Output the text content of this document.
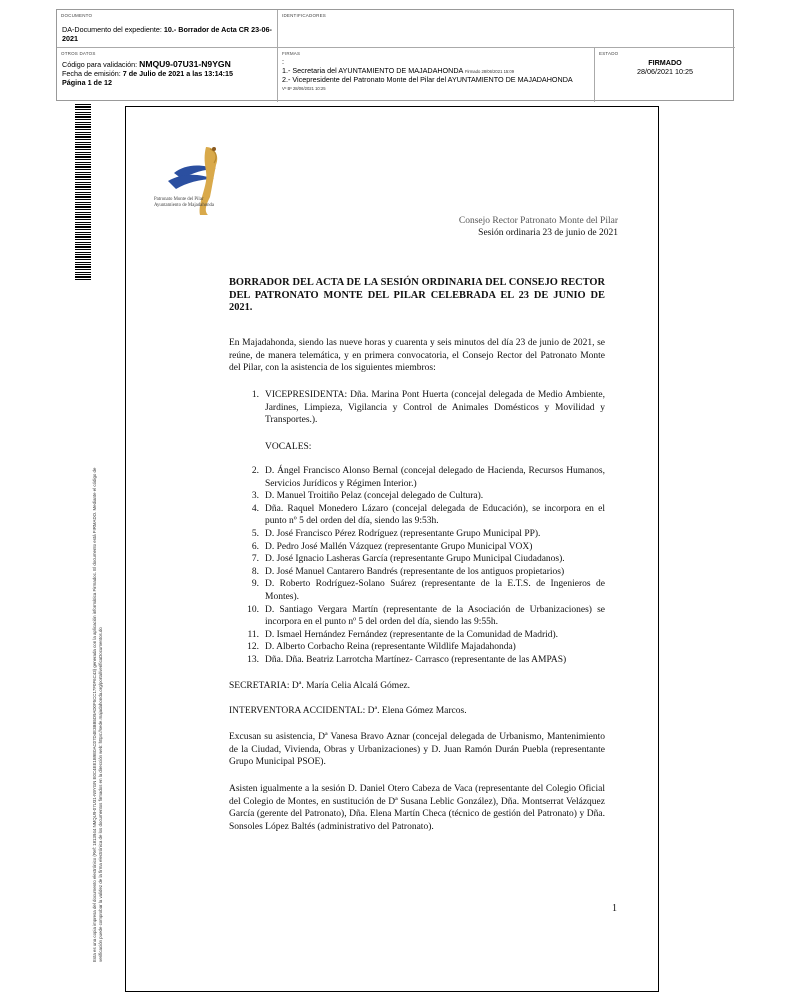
DOCUMENTO
DA-Documento del expediente: 10.- Borrador de Acta CR 23-06-2021
IDENTIFICADORES
OTROS DATOS
Código para validación: NMQU9-07U31-N9YGN
Fecha de emisión: 7 de Julio de 2021 a las 13:14:15
Página 1 de 12
FIRMAS
:
1.- Secretaria del AYUNTAMIENTO DE MAJADAHONDA Firmado 28/06/2021 15:09
2.- Vicepresidente del Patronato Monte del Pilar del AYUNTAMIENTO DE MAJADAHONDA
Vº Bº 28/06/2021 10:25
ESTADO
FIRMADO
28/06/2021 10:25
Esta es una copia impresa del documento electrónico (Ref: 1813944 NMQU9-07U31-N9YGN E0C4EE1B9E0AC07D4E3BB5D9AD0F5CC17F0F6C43) generada con la aplicación informática Firmadoc. El documento está FIRMADO. Mediante el código de verificación puede comprobar la validez de la firma electrónica de los documentos firmados en la dirección web: https://sede.majadahonda.org/portal/verificaDocumentos.do
Patronato Monte del Pilar
Ayuntamiento de Majadahonda
Consejo Rector Patronato Monte del Pilar
Sesión ordinaria 23 de junio de 2021
BORRADOR DEL ACTA DE LA SESIÓN ORDINARIA DEL CONSEJO RECTOR DEL PATRONATO MONTE DEL PILAR CELEBRADA EL 23 DE JUNIO DE 2021.
En Majadahonda, siendo las nueve horas y cuarenta y seis minutos del día 23 de junio de 2021, se reúne, de manera telemática, y en primera convocatoria, el Consejo Rector del Patronato Monte del Pilar, con la asistencia de los siguientes miembros:
1. VICEPRESIDENTA: Dña. Marina Pont Huerta (concejal delegada de Medio Ambiente, Jardines, Limpieza, Vigilancia y Control de Animales Domésticos y Movilidad y Transportes.).
VOCALES:
2. D. Ángel Francisco Alonso Bernal (concejal delegado de Hacienda, Recursos Humanos, Servicios Jurídicos y Régimen Interior.)
3. D. Manuel Troitiño Pelaz (concejal delegado de Cultura).
4. Dña. Raquel Monedero Lázaro (concejal delegada de Educación), se incorpora en el punto nº 5 del orden del día, siendo las 9:53h.
5. D. José Francisco Pérez Rodríguez (representante Grupo Municipal PP).
6. D. Pedro José Mallén Vázquez (representante Grupo Municipal VOX)
7. D. José Ignacio Lasheras García (representante Grupo Municipal Ciudadanos).
8. D. José Manuel Cantarero Bandrés (representante de los antiguos propietarios)
9. D. Roberto Rodríguez-Solano Suárez (representante de la E.T.S. de Ingenieros de Montes).
10. D. Santiago Vergara Martín (representante de la Asociación de Urbanizaciones) se incorpora en el punto nº 5 del orden del día, siendo las 9:55h.
11. D. Ismael Hernández Fernández (representante de la Comunidad de Madrid).
12. D. Alberto Corbacho Reina (representante Wildlife Majadahonda)
13. Dña. Dña. Beatriz Larrotcha Martínez- Carrasco (representante de las AMPAS)
SECRETARIA: Dª. María Celia Alcalá Gómez.
INTERVENTORA ACCIDENTAL: Dª. Elena Gómez Marcos.
Excusan su asistencia, Dª Vanesa Bravo Aznar (concejal delegada de Urbanismo, Mantenimiento de la Ciudad, Vivienda, Obras y Urbanizaciones) y D. Juan Ramón Durán Puebla (representante Grupo Municipal PSOE).
Asisten igualmente a la sesión D. Daniel Otero Cabeza de Vaca (representante del Colegio Oficial del Colegio de Montes, en sustitución de Dª Susana Leblic González), Dña. Montserrat Velázquez García (gerente del Patronato), Dña. Elena Martín Checa (técnico de gestión del Patronato) y Dña. Sonsoles López Baltés (administrativo del Patronato).
1
